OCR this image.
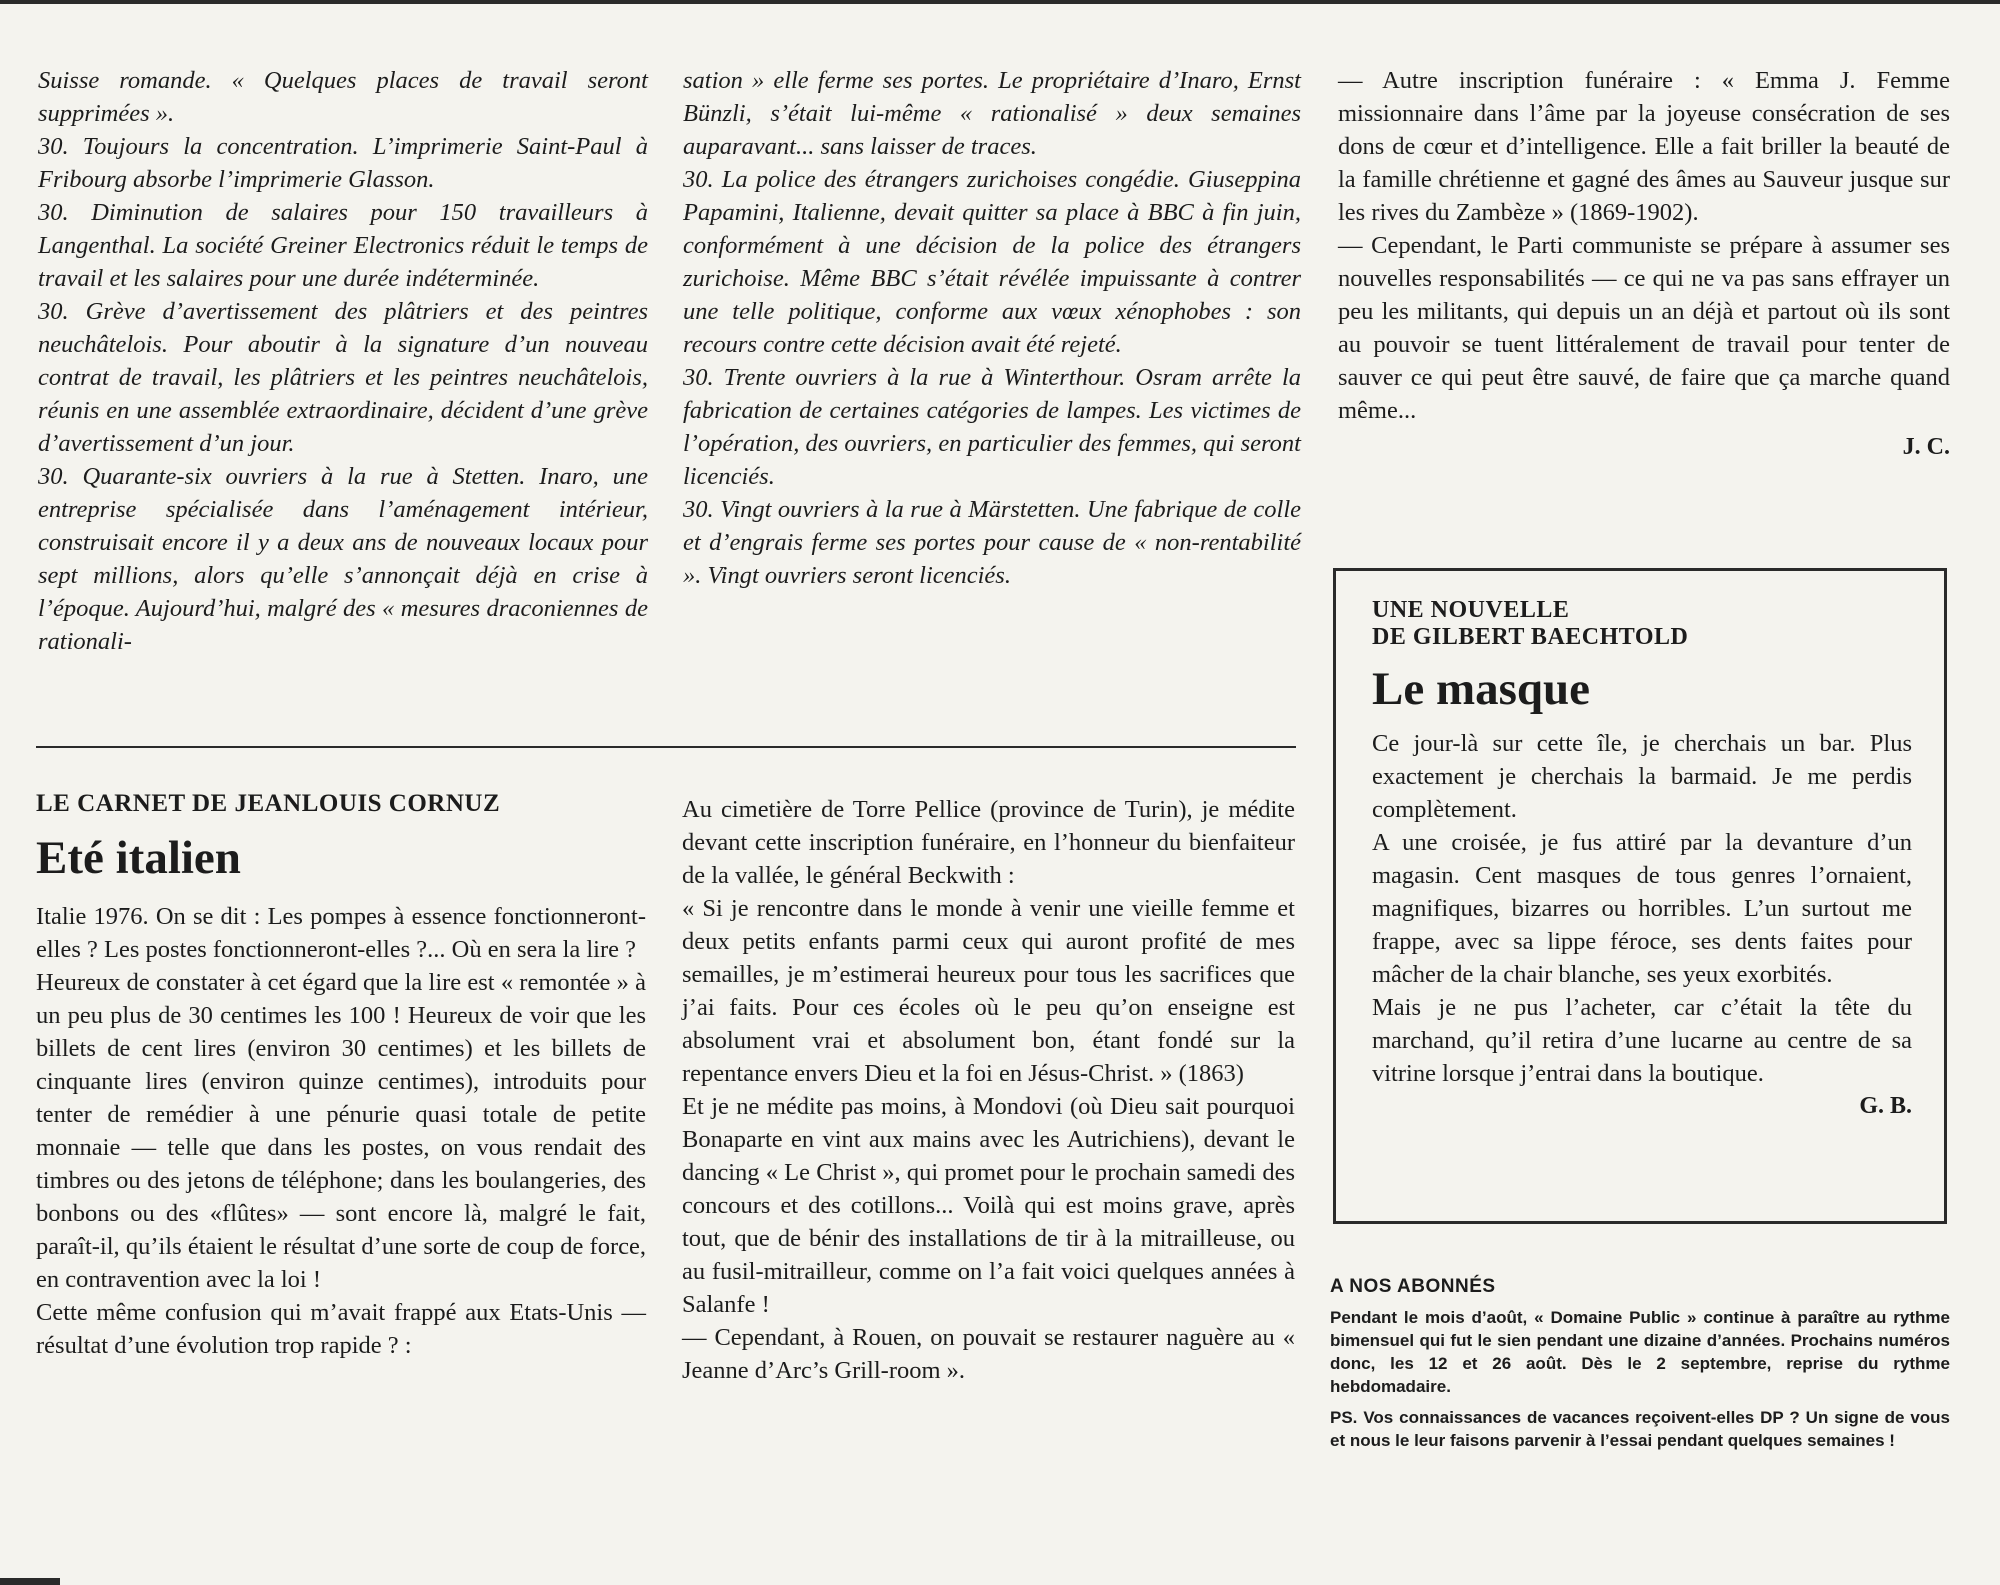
Suisse romande. « Quelques places de travail seront supprimées ».

30. Toujours la concentration. L’imprimerie Saint-Paul à Fribourg absorbe l’imprimerie Glasson.

30. Diminution de salaires pour 150 travailleurs à Langenthal. La société Greiner Electronics réduit le temps de travail et les salaires pour une durée indéterminée.

30. Grève d’avertissement des plâtriers et des peintres neuchâtelois. Pour aboutir à la signature d’un nouveau contrat de travail, les plâtriers et les peintres neuchâtelois, réunis en une assemblée extraordinaire, décident d’une grève d’avertissement d’un jour.

30. Quarante-six ouvriers à la rue à Stetten. Inaro, une entreprise spécialisée dans l’aménagement intérieur, construisait encore il y a deux ans de nouveaux locaux pour sept millions, alors qu’elle s’annonçait déjà en crise à l’époque. Aujourd’hui, malgré des « mesures draconiennes de rationali-

sation » elle ferme ses portes. Le propriétaire d’Inaro, Ernst Bünzli, s’était lui-même « rationalisé » deux semaines auparavant... sans laisser de traces.

30. La police des étrangers zurichoises congédie. Giuseppina Papamini, Italienne, devait quitter sa place à BBC à fin juin, conformément à une décision de la police des étrangers zurichoise. Même BBC s’était révélée impuissante à contrer une telle politique, conforme aux vœux xénophobes : son recours contre cette décision avait été rejeté.

30. Trente ouvriers à la rue à Winterthour. Osram arrête la fabrication de certaines catégories de lampes. Les victimes de l’opération, des ouvriers, en particulier des femmes, qui seront licenciés.

30. Vingt ouvriers à la rue à Märstetten. Une fabrique de colle et d’engrais ferme ses portes pour cause de « non-rentabilité ». Vingt ouvriers seront licenciés.

— Autre inscription funéraire : « Emma J. Femme missionnaire dans l’âme par la joyeuse consécration de ses dons de cœur et d’intelligence. Elle a fait briller la beauté de la famille chrétienne et gagné des âmes au Sauveur jusque sur les rives du Zambèze » (1869-1902).

— Cependant, le Parti communiste se prépare à assumer ses nouvelles responsabilités — ce qui ne va pas sans effrayer un peu les militants, qui depuis un an déjà et partout où ils sont au pouvoir se tuent littéralement de travail pour tenter de sauver ce qui peut être sauvé, de faire que ça marche quand même...

J. C.

LE CARNET DE JEANLOUIS CORNUZ

Eté italien

Italie 1976. On se dit : Les pompes à essence fonctionneront-elles ? Les postes fonctionneront-elles ?... Où en sera la lire ?

Heureux de constater à cet égard que la lire est « remontée » à un peu plus de 30 centimes les 100 ! Heureux de voir que les billets de cent lires (environ 30 centimes) et les billets de cinquante lires (environ quinze centimes), introduits pour tenter de remédier à une pénurie quasi totale de petite monnaie — telle que dans les postes, on vous rendait des timbres ou des jetons de téléphone; dans les boulangeries, des bonbons ou des «flûtes» — sont encore là, malgré le fait, paraît-il, qu’ils étaient le résultat d’une sorte de coup de force, en contravention avec la loi !

Cette même confusion qui m’avait frappé aux Etats-Unis — résultat d’une évolution trop rapide ? :

Au cimetière de Torre Pellice (province de Turin), je médite devant cette inscription funéraire, en l’honneur du bienfaiteur de la vallée, le général Beckwith :

« Si je rencontre dans le monde à venir une vieille femme et deux petits enfants parmi ceux qui auront profité de mes semailles, je m’estimerai heureux pour tous les sacrifices que j’ai faits. Pour ces écoles où le peu qu’on enseigne est absolument vrai et absolument bon, étant fondé sur la repentance envers Dieu et la foi en Jésus-Christ. » (1863)

Et je ne médite pas moins, à Mondovi (où Dieu sait pourquoi Bonaparte en vint aux mains avec les Autrichiens), devant le dancing « Le Christ », qui promet pour le prochain samedi des concours et des cotillons... Voilà qui est moins grave, après tout, que de bénir des installations de tir à la mitrailleuse, ou au fusil-mitrailleur, comme on l’a fait voici quelques années à Salanfe !

— Cependant, à Rouen, on pouvait se restaurer naguère au « Jeanne d’Arc’s Grill-room ».

UNE NOUVELLE

DE GILBERT BAECHTOLD

Le masque

Ce jour-là sur cette île, je cherchais un bar. Plus exactement je cherchais la barmaid. Je me perdis complètement.

A une croisée, je fus attiré par la devanture d’un magasin. Cent masques de tous genres l’ornaient, magnifiques, bizarres ou horribles. L’un surtout me frappe, avec sa lippe féroce, ses dents faites pour mâcher de la chair blanche, ses yeux exorbités.

Mais je ne pus l’acheter, car c’était la tête du marchand, qu’il retira d’une lucarne au centre de sa vitrine lorsque j’entrai dans la boutique.

G. B.

A NOS ABONNÉS

Pendant le mois d’août, « Domaine Public » continue à paraître au rythme bimensuel qui fut le sien pendant une dizaine d’années. Prochains numéros donc, les 12 et 26 août. Dès le 2 septembre, reprise du rythme hebdomadaire.

PS. Vos connaissances de vacances reçoivent-elles DP ? Un signe de vous et nous le leur faisons parvenir à l’essai pendant quelques semaines !
